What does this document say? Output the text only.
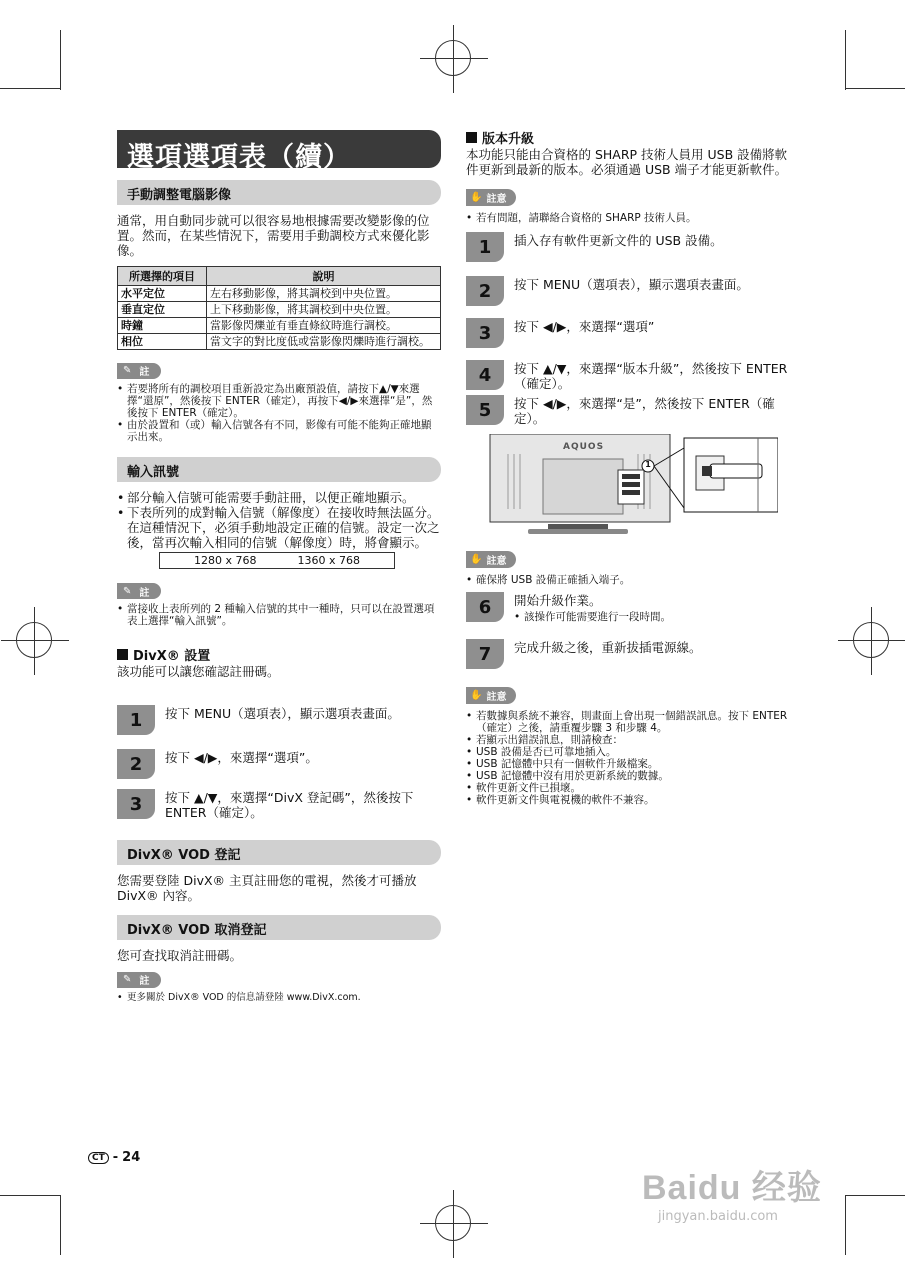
選項選項表（續）
手動調整電腦影像

通常，用自動同步就可以很容易地根據需要改變影像的位置。然而，在某些情況下，需要用手動調校方式來優化影像。

所選擇的項目	說明
水平定位	左右移動影像，將其調校到中央位置。
垂直定位	上下移動影像，將其調校到中央位置。
時鐘	當影像閃爍並有垂直條紋時進行調校。
相位	當文字的對比度低或當影像閃爍時進行調校。
✎ 註
• 若要將所有的調校項目重新設定為出廠預設值，請按下▲/▼來選擇“還原”，然後按下 ENTER（確定），再按下◀/▶來選擇“是”，然後按下 ENTER（確定）。
• 由於設置和（或）輸入信號各有不同，影像有可能不能夠正確地顯示出來。
輸入訊號
• 部分輸入信號可能需要手動註冊，以便正確地顯示。
• 下表所列的成對輸入信號（解像度）在接收時無法區分。在這種情況下，必須手動地設定正確的信號。設定一次之後，當再次輸入相同的信號（解像度）時，將會顯示。
1280 x 768	1360 x 768
✎ 註
• 當接收上表所列的 2 種輸入信號的其中一種時，只可以在設置選項表上選擇“輸入訊號”。
DivX® 設置

該功能可以讓您確認註冊碼。

1	按下 MENU（選項表），顯示選項表畫面。
2	按下 ◀/▶，來選擇“選項”。
3	按下 ▲/▼，來選擇“DivX 登記碼”，然後按下 ENTER（確定）。
DivX® VOD 登記

您需要登陸 DivX® 主頁註冊您的電視，然後才可播放 DivX® 內容。

DivX® VOD 取消登記

您可查找取消註冊碼。

✎ 註
• 更多關於 DivX® VOD 的信息請登陸 www.DivX.com.
版本升級

本功能只能由合資格的 SHARP 技術人員用 USB 設備將軟件更新到最新的版本。必須通過 USB 端子才能更新軟件。

✋ 註意
• 若有問題，請聯絡合資格的 SHARP 技術人員。
1	插入存有軟件更新文件的 USB 設備。
2	按下 MENU（選項表），顯示選項表畫面。
3	按下 ◀/▶，來選擇“選項”
4	按下 ▲/▼，來選擇“版本升級”，然後按下 ENTER（確定）。
5	按下 ◀/▶，來選擇“是”，然後按下 ENTER（確定）。
AQUOS
1
✋ 註意
• 確保將 USB 設備正確插入端子。
6	開始升級作業。
• 該操作可能需要進行一段時間。
7	完成升級之後，重新拔插電源線。
✋ 註意
• 若數據與系統不兼容，則畫面上會出現一個錯誤訊息。按下 ENTER（確定）之後，請重覆步驟 3 和步驟 4。
• 若顯示出錯誤訊息，則請檢查：
• USB 設備是否已可靠地插入。
• USB 記憶體中只有一個軟件升級檔案。
• USB 記憶體中沒有用於更新系統的數據。
• 軟件更新文件已損壞。
• 軟件更新文件與電視機的軟件不兼容。
CT - 24
Baidu 经验
jingyan.baidu.com
